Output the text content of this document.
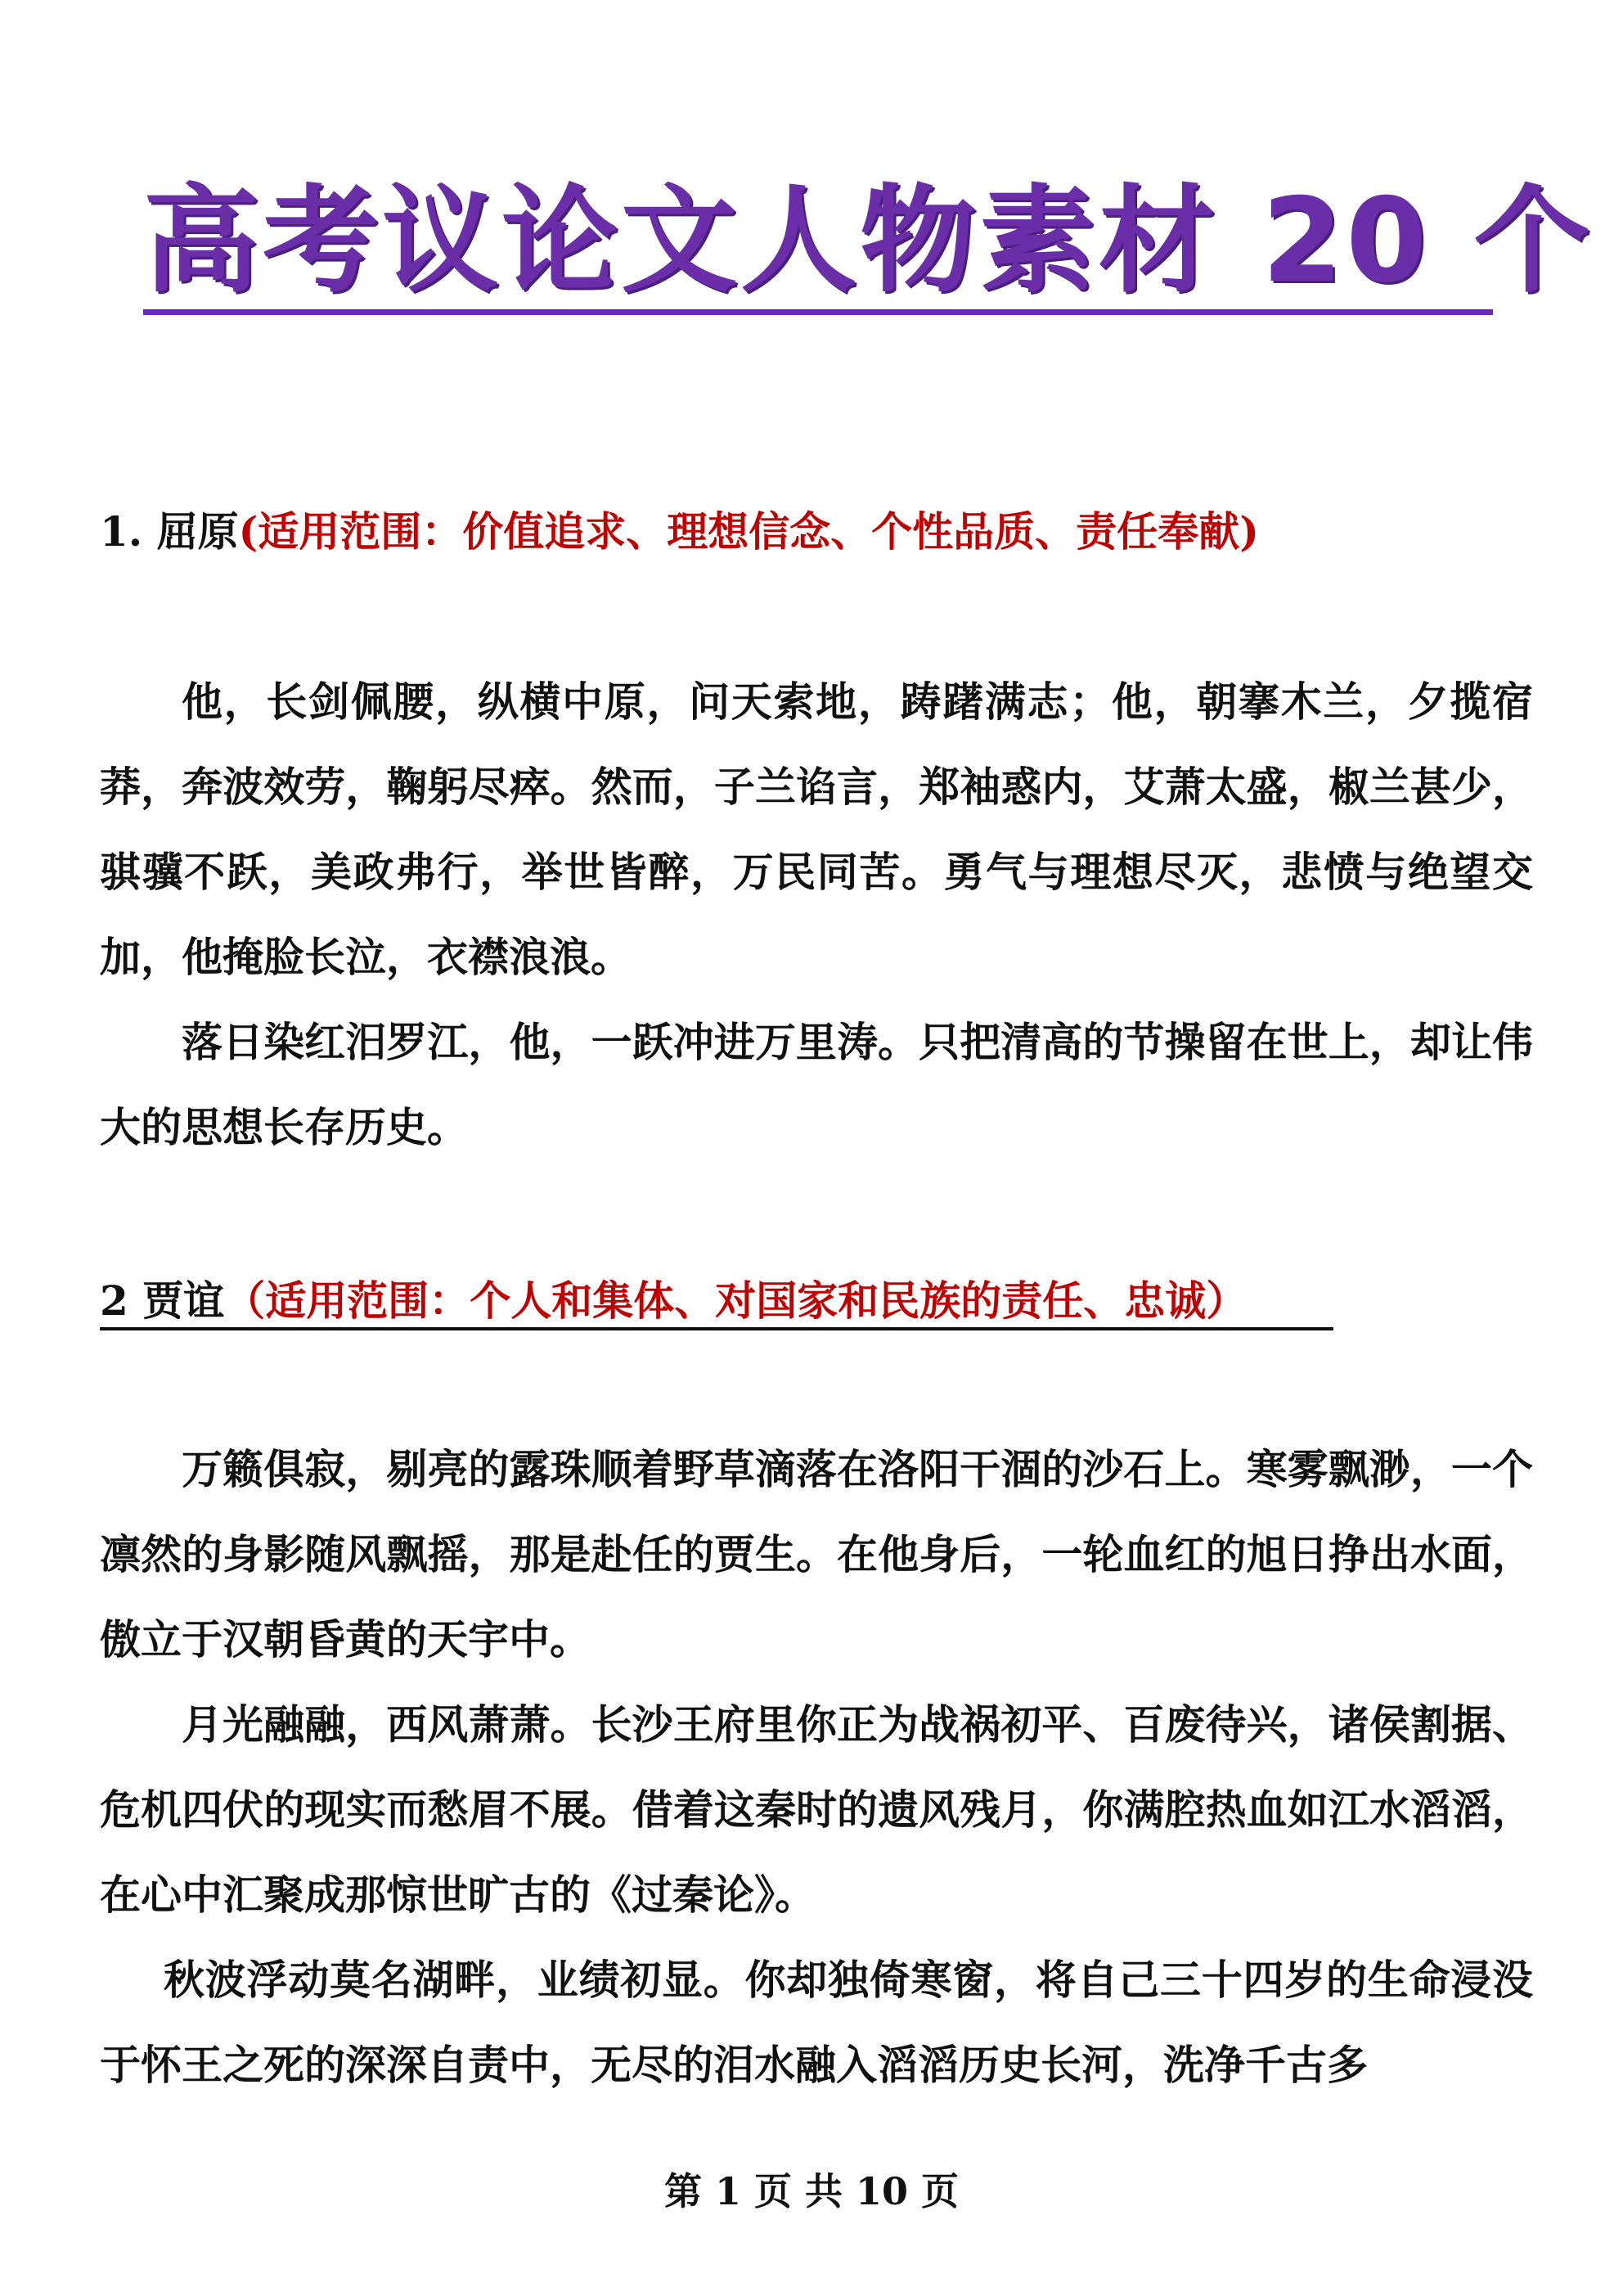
高考议论文人物素材 20 个
1. 屈原(适用范围：价值追求、理想信念、个性品质、责任奉献)

他，长剑佩腰，纵横中原，问天索地，踌躇满志；他，朝搴木兰，夕揽宿莽，奔波效劳，鞠躬尽瘁。然而，子兰谄言，郑袖惑内，艾萧太盛，椒兰甚少，骐骥不跃，美政弗行，举世皆醉，万民同苦。勇气与理想尽灭，悲愤与绝望交加，他掩脸长泣，衣襟浪浪。

落日染红汨罗江，他，一跃冲进万里涛。只把清高的节操留在世上，却让伟大的思想长存历史。

2 贾谊（适用范围：个人和集体、对国家和民族的责任、忠诚）

万籁俱寂，剔亮的露珠顺着野草滴落在洛阳干涸的沙石上。寒雾飘渺，一个凛然的身影随风飘摇，那是赴任的贾生。在他身后，一轮血红的旭日挣出水面，傲立于汉朝昏黄的天宇中。

月光融融，西风萧萧。长沙王府里你正为战祸初平、百废待兴，诸侯割据、危机四伏的现实而愁眉不展。借着这秦时的遗风残月，你满腔热血如江水滔滔，在心中汇聚成那惊世旷古的《过秦论》。

秋波浮动莫名湖畔，业绩初显。你却独倚寒窗，将自己三十四岁的生命浸没于怀王之死的深深自责中，无尽的泪水融入滔滔历史长河，洗净千古多

第 1 页 共 10 页
